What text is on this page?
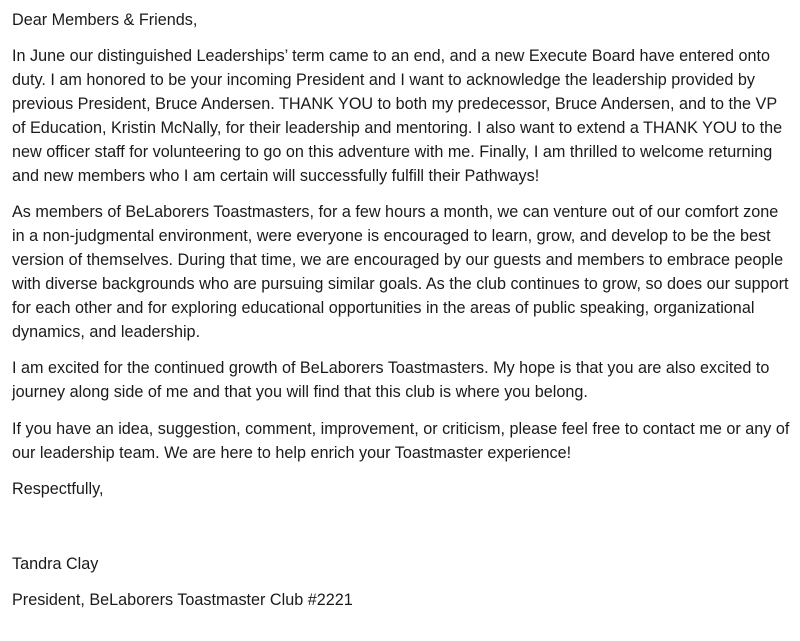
Dear Members & Friends,

In June our distinguished Leaderships’ term came to an end, and a new Execute Board have entered onto duty. I am honored to be your incoming President and I want to acknowledge the leadership provided by previous President, Bruce Andersen. THANK YOU to both my predecessor, Bruce Andersen, and to the VP of Education, Kristin McNally, for their leadership and mentoring. I also want to extend a THANK YOU to the new officer staff for volunteering to go on this adventure with me. Finally, I am thrilled to welcome returning and new members who I am certain will successfully fulfill their Pathways!

As members of BeLaborers Toastmasters, for a few hours a month, we can venture out of our comfort zone in a non-judgmental environment, were everyone is encouraged to learn, grow, and develop to be the best version of themselves. During that time, we are encouraged by our guests and members to embrace people with diverse backgrounds who are pursuing similar goals. As the club continues to grow, so does our support for each other and for exploring educational opportunities in the areas of public speaking, organizational dynamics, and leadership.

I am excited for the continued growth of BeLaborers Toastmasters. My hope is that you are also excited to journey along side of me and that you will find that this club is where you belong.

If you have an idea, suggestion, comment, improvement, or criticism, please feel free to contact me or any of our leadership team. We are here to help enrich your Toastmaster experience!

Respectfully,

Tandra Clay

President, BeLaborers Toastmaster Club #2221
